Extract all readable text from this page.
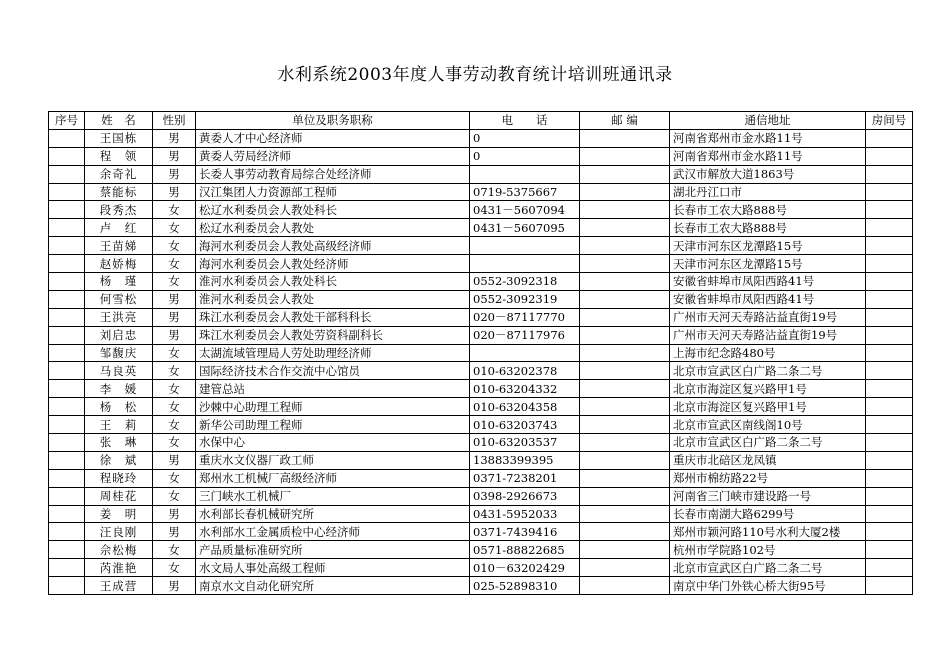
水利系统2003年度人事劳动教育统计培训班通讯录
序号	姓　名	性别	单位及职务职称	电　　话	邮 编	通信地址	房间号
	王国栋	男	黄委人才中心经济师	0		河南省郑州市金水路11号	
	程　领	男	黄委人劳局经济师	0		河南省郑州市金水路11号	
	余奇礼	男	长委人事劳动教育局综合处经济师			武汉市解放大道1863号	
	蔡能标	男	汉江集团人力资源部工程师	0719-5375667		湖北丹江口市	
	段秀杰	女	松辽水利委员会人教处科长	0431－5607094		长春市工农大路888号	
	卢　红	女	松辽水利委员会人教处	0431－5607095		长春市工农大路888号	
	王苗娣	女	海河水利委员会人教处高级经济师			天津市河东区龙潭路15号	
	赵娇梅	女	海河水利委员会人教处经济师			天津市河东区龙潭路15号	
	杨　瑾	女	淮河水利委员会人教处科长	0552-3092318		安徽省蚌埠市凤阳西路41号	
	何雪松	男	淮河水利委员会人教处	0552-3092319		安徽省蚌埠市凤阳西路41号	
	王洪亮	男	珠江水利委员会人教处干部科科长	020－87117770		广州市天河天寿路沾益直街19号	
	刘启忠	男	珠江水利委员会人教处劳资科副科长	020－87117976		广州市天河天寿路沾益直街19号	
	邹馥庆	女	太湖流域管理局人劳处助理经济师			上海市纪念路480号	
	马良英	女	国际经济技术合作交流中心馆员	010-63202378		北京市宣武区白广路二条二号	
	李　媛	女	建管总站	010-63204332		北京市海淀区复兴路甲1号	
	杨　松	女	沙棘中心助理工程师	010-63204358		北京市海淀区复兴路甲1号	
	王　莉	女	新华公司助理工程师	010-63203743		北京市宣武区南线阁10号	
	张　琳	女	水保中心	010-63203537		北京市宣武区白广路二条二号	
	徐　斌	男	重庆水文仪器厂政工师	13883399395		重庆市北碚区龙凤镇	
	程晓玲	女	郑州水工机械厂高级经济师	0371-7238201		郑州市棉纺路22号	
	周桂花	女	三门峡水工机械厂	0398-2926673		河南省三门峡市建设路一号	
	姜　明	男	水利部长春机械研究所	0431-5952033		长春市南湖大路6299号	
	汪良刚	男	水利部水工金属质检中心经济师	0371-7439416		郑州市颖河路110号水利大厦2楼	
	佘松梅	女	产品质量标准研究所	0571-88822685		杭州市学院路102号	
	芮淮艳	女	水文局人事处高级工程师	010－63202429		北京市宣武区白广路二条二号	
	王成营	男	南京水文自动化研究所	025-52898310		南京中华门外铁心桥大街95号	
